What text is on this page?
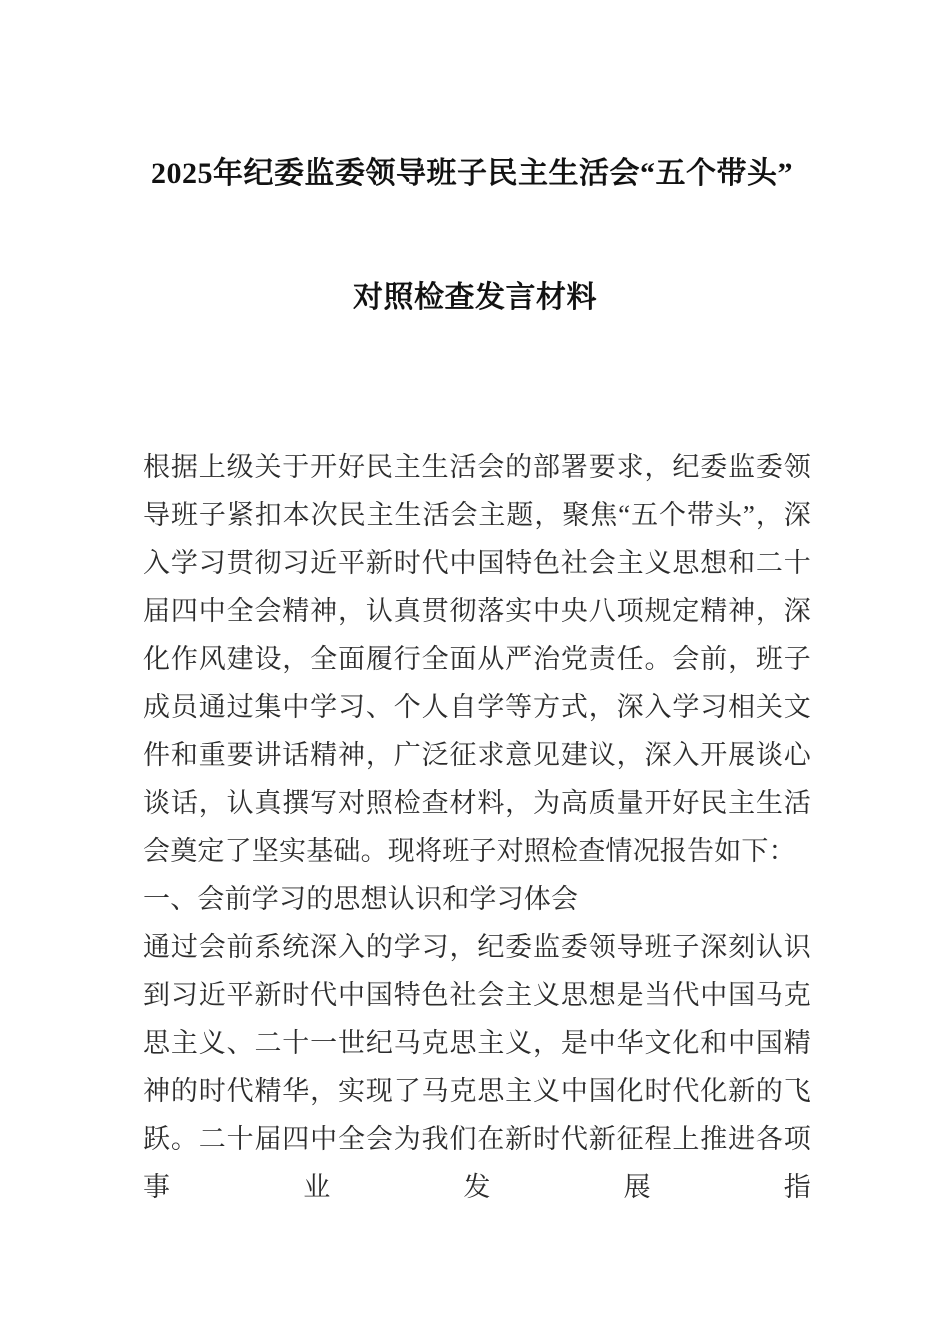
2025年纪委监委领导班子民主生活会“五个带头”
对照检查发言材料

根据上级关于开好民主生活会的部署要求，纪委监委领导班子紧扣本次民主生活会主题，聚焦“五个带头”，深入学习贯彻习近平新时代中国特色社会主义思想和二十届四中全会精神，认真贯彻落实中央八项规定精神，深化作风建设，全面履行全面从严治党责任。会前，班子成员通过集中学习、个人自学等方式，深入学习相关文件和重要讲话精神，广泛征求意见建议，深入开展谈心谈话，认真撰写对照检查材料，为高质量开好民主生活会奠定了坚实基础。现将班子对照检查情况报告如下：

一、会前学习的思想认识和学习体会

通过会前系统深入的学习，纪委监委领导班子深刻认识到习近平新时代中国特色社会主义思想是当代中国马克思主义、二十一世纪马克思主义，是中华文化和中国精神的时代精华，实现了马克思主义中国化时代化新的飞跃。二十届四中全会为我们在新时代新征程上推进各项事业发展指
